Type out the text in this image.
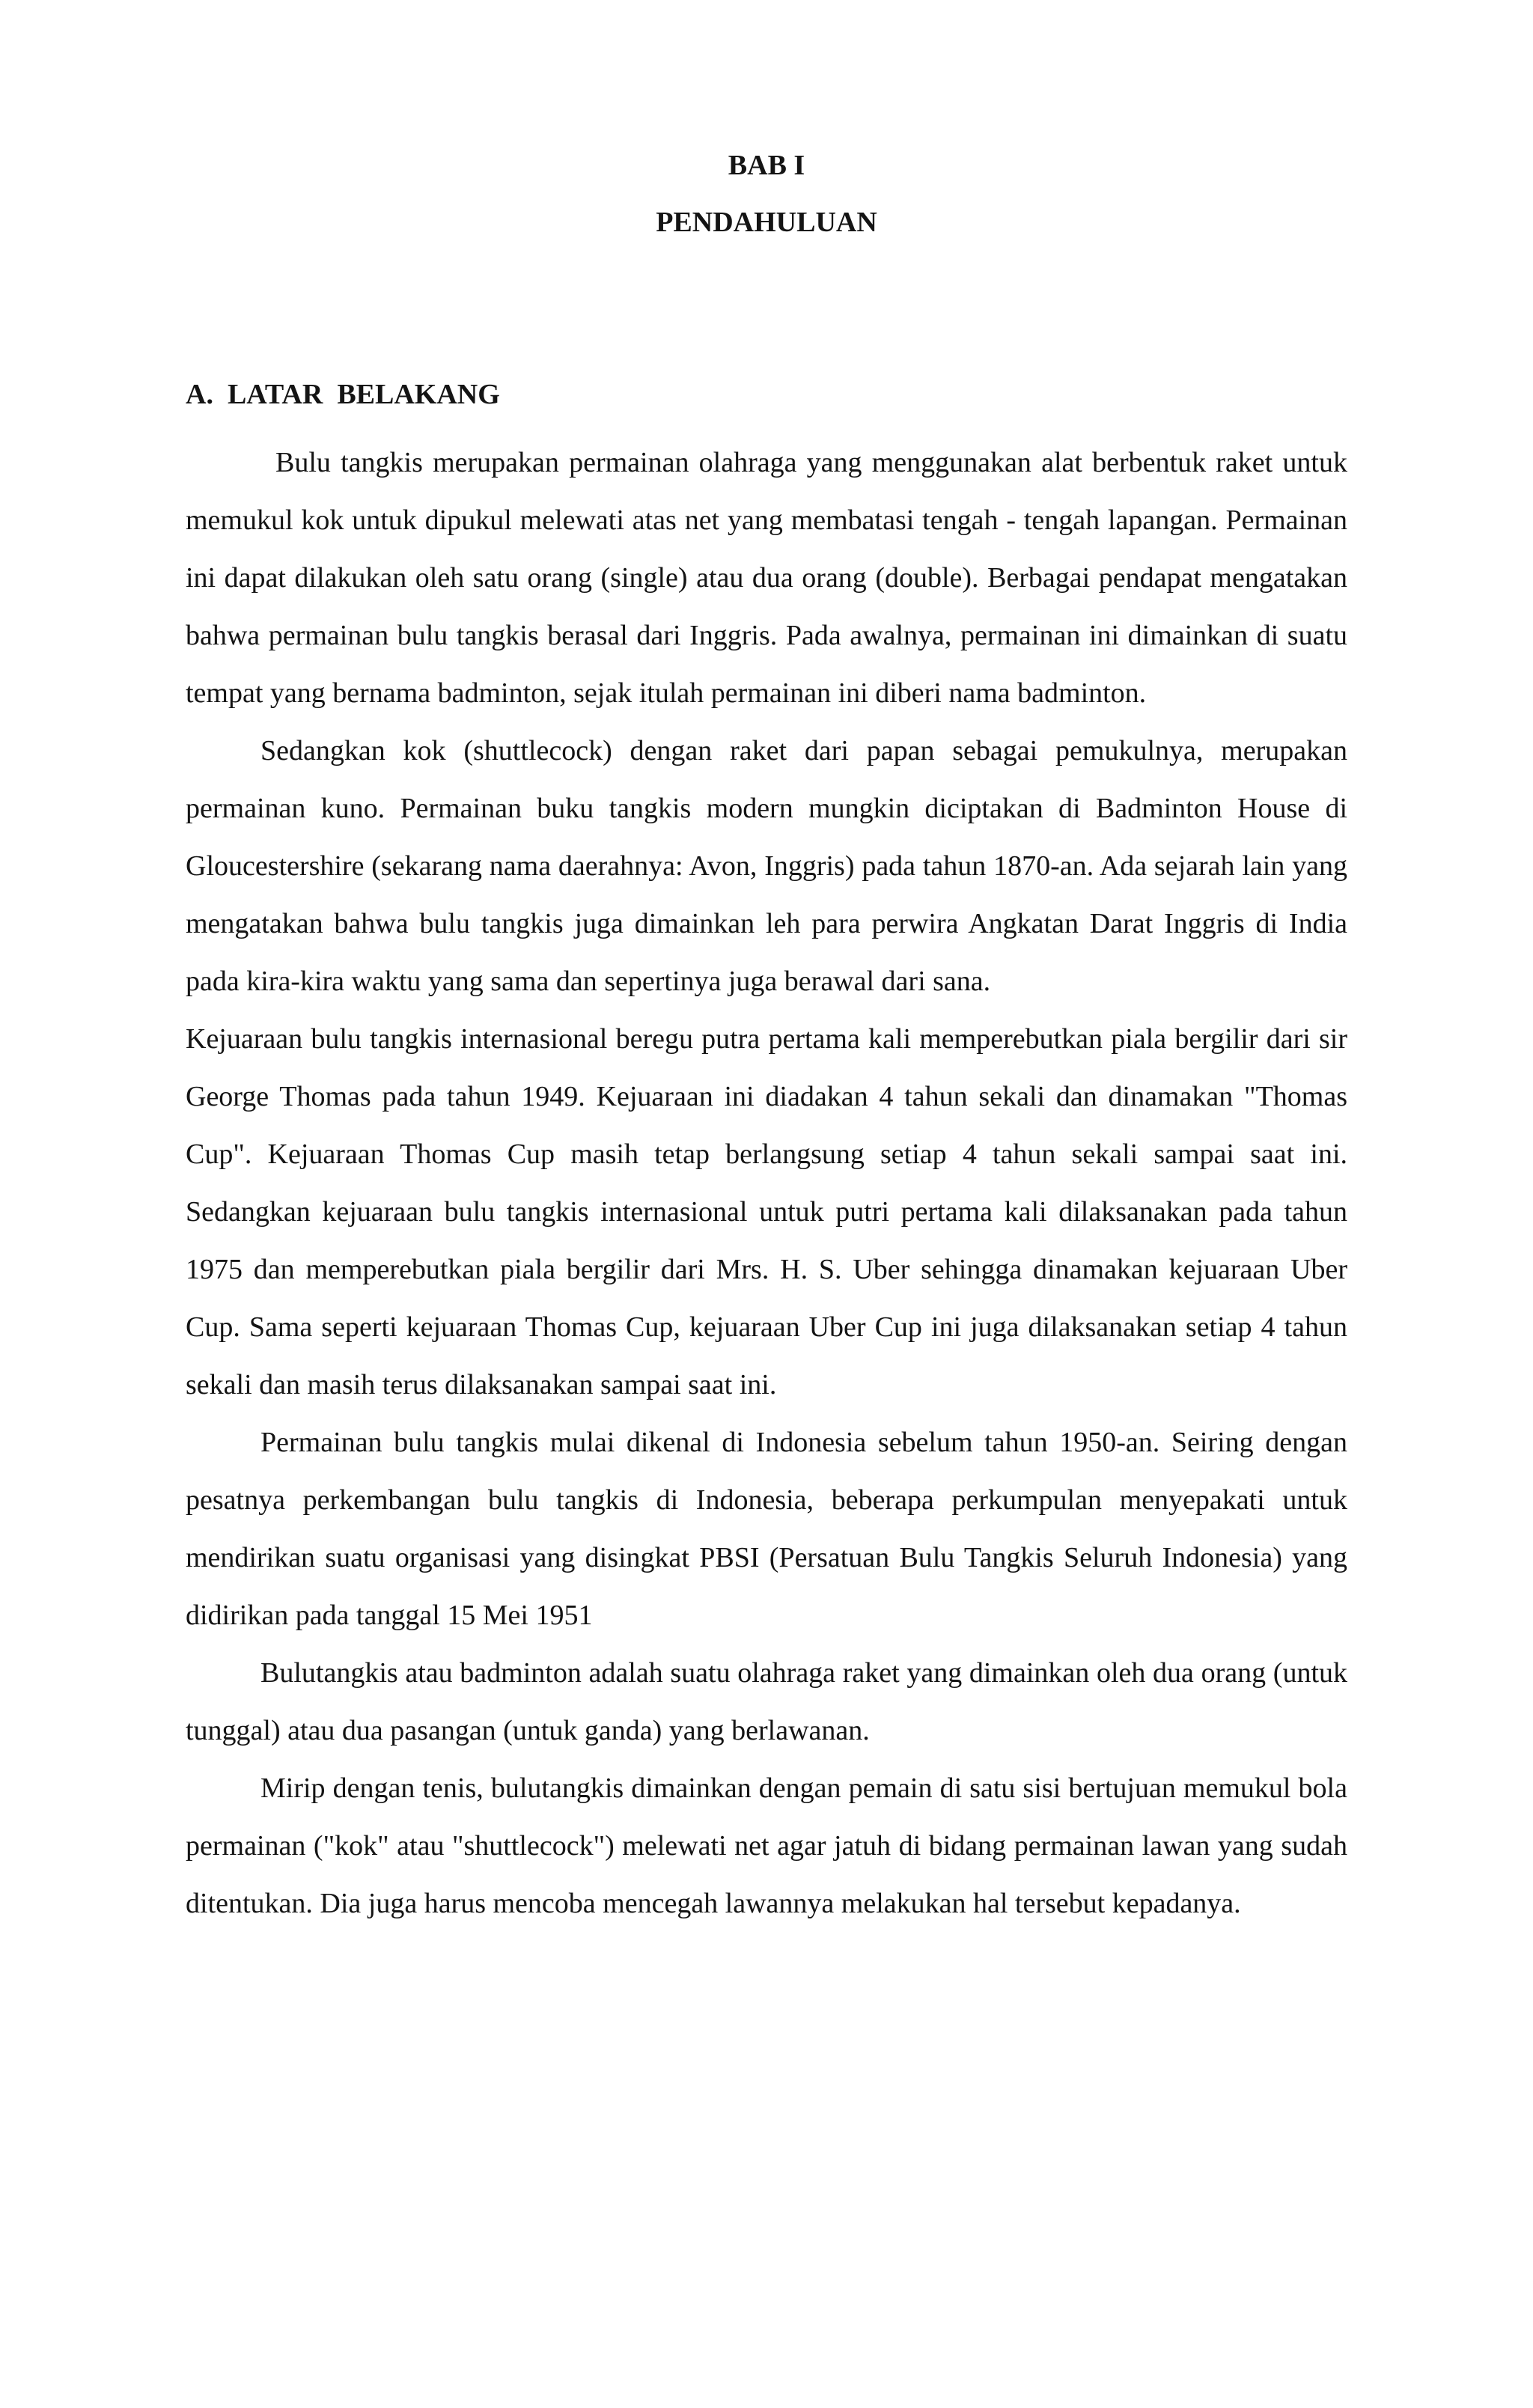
BAB I
PENDAHULUAN
A.  LATAR  BELAKANG

Bulu tangkis merupakan permainan olahraga yang menggunakan alat berbentuk raket untuk memukul kok untuk dipukul melewati atas net yang membatasi tengah - tengah lapangan. Permainan ini dapat dilakukan oleh satu orang (single) atau dua orang (double). Berbagai pendapat mengatakan bahwa permainan bulu tangkis berasal dari Inggris. Pada awalnya, permainan ini dimainkan di suatu tempat yang bernama badminton, sejak itulah permainan ini diberi nama badminton.

Sedangkan kok (shuttlecock) dengan raket dari papan sebagai pemukulnya, merupakan permainan kuno. Permainan buku tangkis modern mungkin diciptakan di Badminton House di Gloucestershire (sekarang nama daerahnya: Avon, Inggris) pada tahun 1870-an. Ada sejarah lain yang mengatakan bahwa bulu tangkis juga dimainkan leh para perwira Angkatan Darat Inggris di India pada kira-kira waktu yang sama dan sepertinya juga berawal dari sana.

Kejuaraan bulu tangkis internasional beregu putra pertama kali memperebutkan piala bergilir dari sir George Thomas pada tahun 1949. Kejuaraan ini diadakan 4 tahun sekali dan dinamakan "Thomas Cup". Kejuaraan Thomas Cup masih tetap berlangsung setiap 4 tahun sekali sampai saat ini. Sedangkan kejuaraan bulu tangkis internasional untuk putri pertama kali dilaksanakan pada tahun 1975 dan memperebutkan piala bergilir dari Mrs. H. S. Uber sehingga dinamakan kejuaraan Uber Cup. Sama seperti kejuaraan Thomas Cup, kejuaraan Uber Cup ini juga dilaksanakan setiap 4 tahun sekali dan masih terus dilaksanakan sampai saat ini.

Permainan bulu tangkis mulai dikenal di Indonesia sebelum tahun 1950-an. Seiring dengan pesatnya perkembangan bulu tangkis di Indonesia, beberapa perkumpulan menyepakati untuk mendirikan suatu organisasi yang disingkat PBSI (Persatuan Bulu Tangkis Seluruh Indonesia) yang didirikan pada tanggal 15 Mei 1951

Bulutangkis atau badminton adalah suatu olahraga raket yang dimainkan oleh dua orang (untuk tunggal) atau dua pasangan (untuk ganda) yang berlawanan.

Mirip dengan tenis, bulutangkis dimainkan dengan pemain di satu sisi bertujuan memukul bola permainan ("kok" atau "shuttlecock") melewati net agar jatuh di bidang permainan lawan yang sudah ditentukan. Dia juga harus mencoba mencegah lawannya melakukan hal tersebut kepadanya.
